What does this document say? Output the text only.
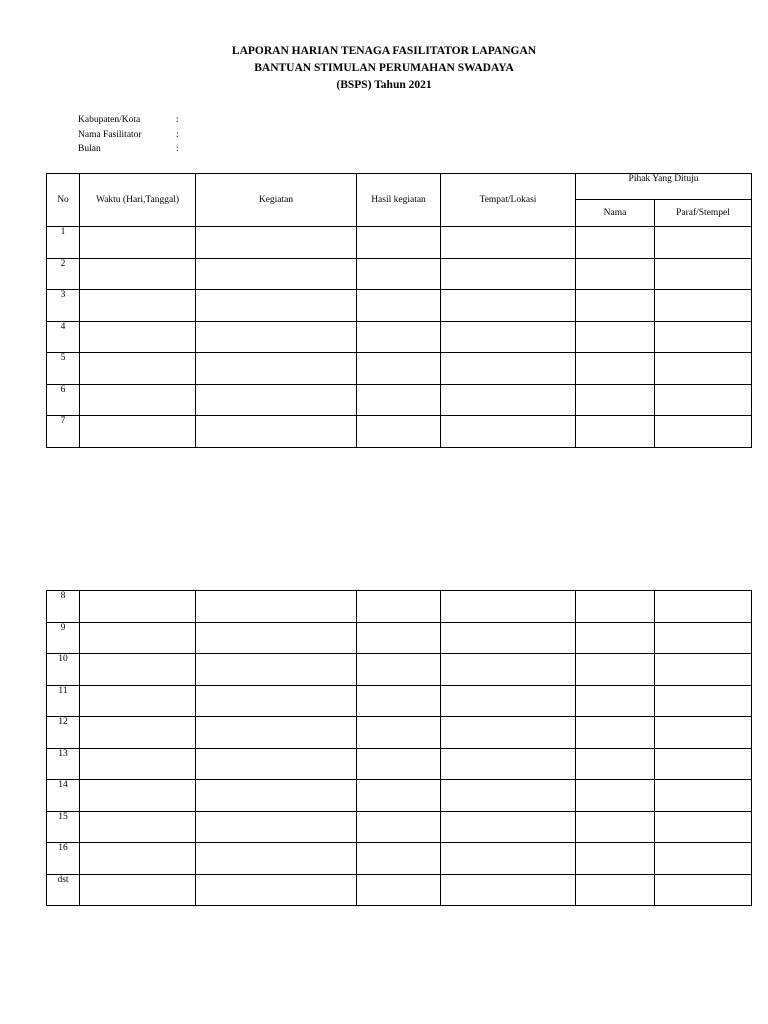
LAPORAN HARIAN TENAGA FASILITATOR LAPANGAN
BANTUAN STIMULAN PERUMAHAN SWADAYA
(BSPS) Tahun 2021
Kabupaten/Kota	:
Nama Fasilitator	:
Bulan	:
No	Waktu (Hari,Tanggal)	Kegiatan	Hasil kegiatan	Tempat/Lokasi	Pihak Yang Dituju	
					Nama	Paraf/Stempel
1						
2						
3						
4						
5						
6						
7						
8						
9						
10						
11						
12						
13						
14						
15						
16						
dst						
